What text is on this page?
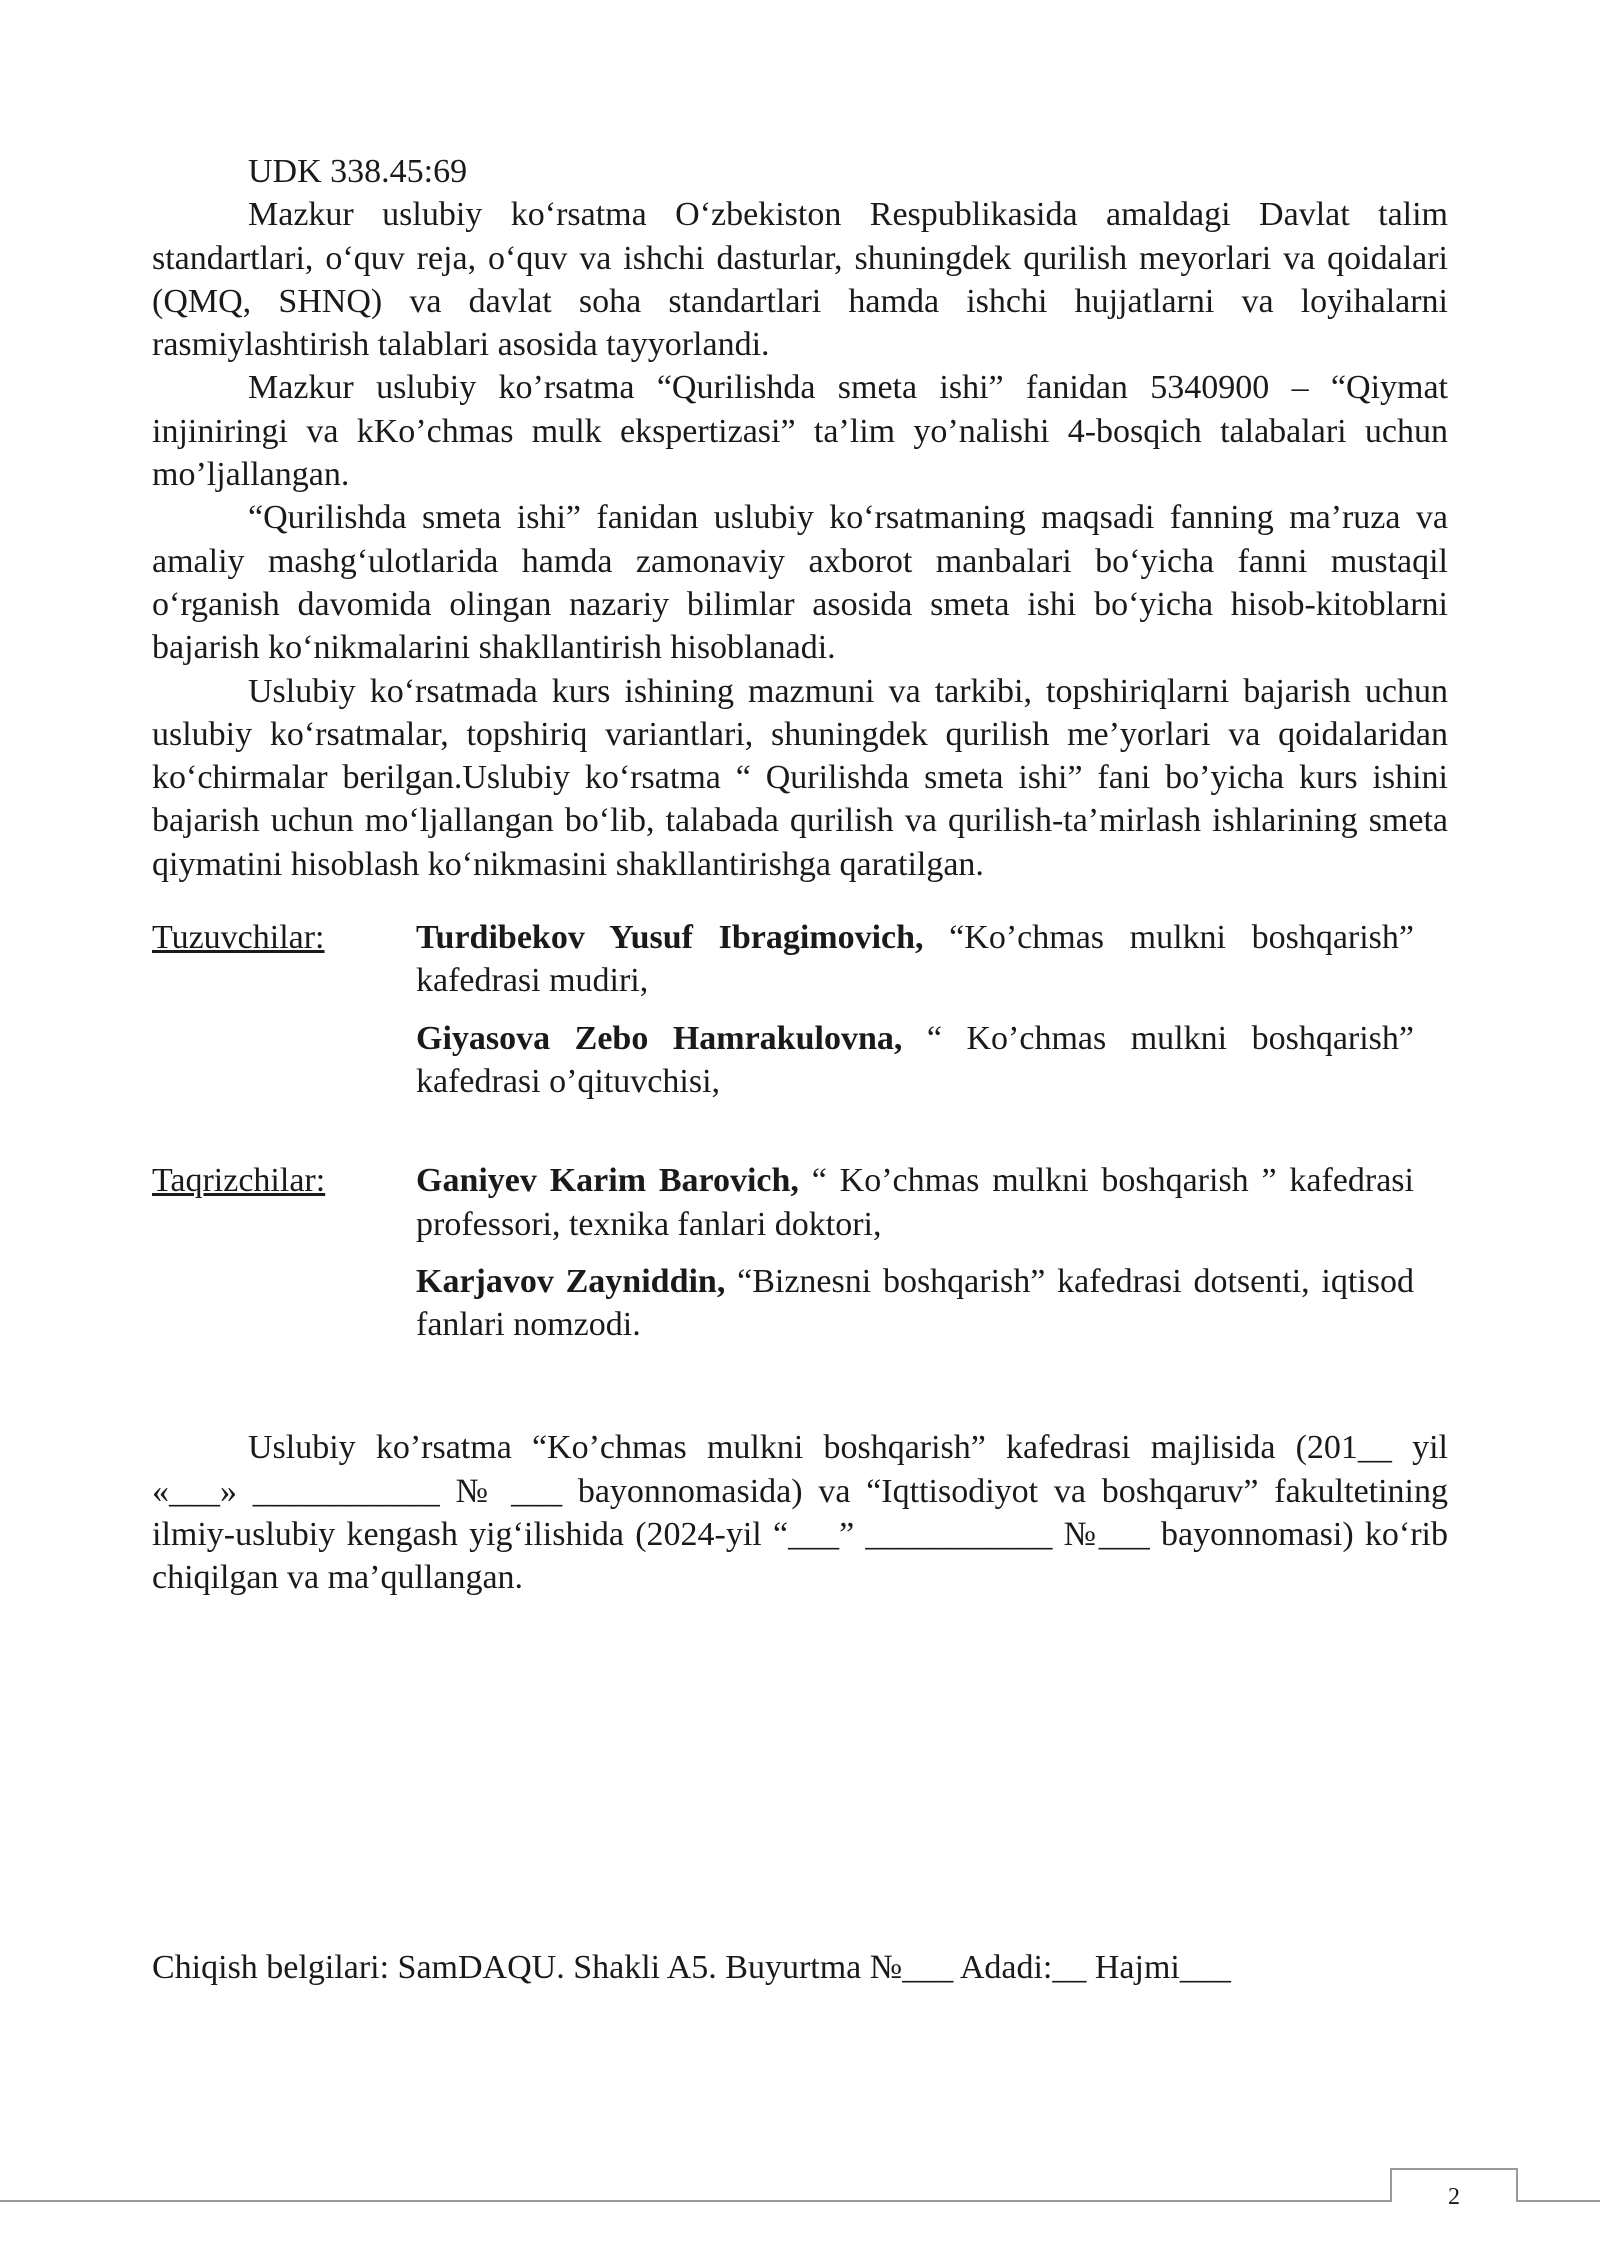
UDK 338.45:69

Mazkur uslubiy ko‘rsatma O‘zbekiston Respublikasida amaldagi Davlat talim standartlari, o‘quv reja, o‘quv va ishchi dasturlar, shuningdek qurilish meyorlari va qoidalari (QMQ, SHNQ) va davlat soha standartlari hamda ishchi hujjatlarni va loyihalarni rasmiylashtirish talablari asosida tayyorlandi.

Mazkur uslubiy ko’rsatma “Qurilishda smeta ishi” fanidan 5340900 – “Qiymat injiniringi va kKo’chmas mulk ekspertizasi” ta’lim yo’nalishi 4-bosqich talabalari uchun mo’ljallangan.

“Qurilishda smeta ishi” fanidan uslubiy ko‘rsatmaning maqsadi fanning ma’ruza va amaliy mashg‘ulotlarida hamda zamonaviy axborot manbalari bo‘yicha fanni mustaqil o‘rganish davomida olingan nazariy bilimlar asosida smeta ishi bo‘yicha hisob-kitoblarni bajarish ko‘nikmalarini shakllantirish hisoblanadi.

Uslubiy ko‘rsatmada kurs ishining mazmuni va tarkibi, topshiriqlarni bajarish uchun uslubiy ko‘rsatmalar, topshiriq variantlari, shuningdek qurilish me’yorlari va qoidalaridan ko‘chirmalar berilgan.Uslubiy ko‘rsatma “ Qurilishda smeta ishi” fani bo’yicha kurs ishini bajarish uchun mo‘ljallangan bo‘lib, talabada qurilish va qurilish-ta’mirlash ishlarining smeta qiymatini hisoblash ko‘nikmasini shakllantirishga qaratilgan.

Tuzuvchilar:	Turdibekov Yusuf Ibragimovich, “Ko’chmas mulkni boshqarish” kafedrasi mudiri,
Giyasova Zebo Hamrakulovna, “ Ko’chmas mulkni boshqarish” kafedrasi o’qituvchisi,
Taqrizchilar:	Ganiyev Karim Barovich, “ Ko’chmas mulkni boshqarish ” kafedrasi professori, texnika fanlari doktori,
Karjavov Zayniddin, “Biznesni boshqarish” kafedrasi dotsenti, iqtisod fanlari nomzodi.

Uslubiy ko’rsatma “Ko’chmas mulkni boshqarish” kafedrasi majlisida (201__ yil «___» ___________ № ___ bayonnomasida) va “Iqttisodiyot va boshqaruv” fakultetining ilmiy-uslubiy kengash yig‘ilishida (2024-yil “___” ___________ №___ bayonnomasi) ko‘rib chiqilgan va ma’qullangan.

Chiqish belgilari: SamDAQU. Shakli A5. Buyurtma №___ Adadi:__ Hajmi___

2
